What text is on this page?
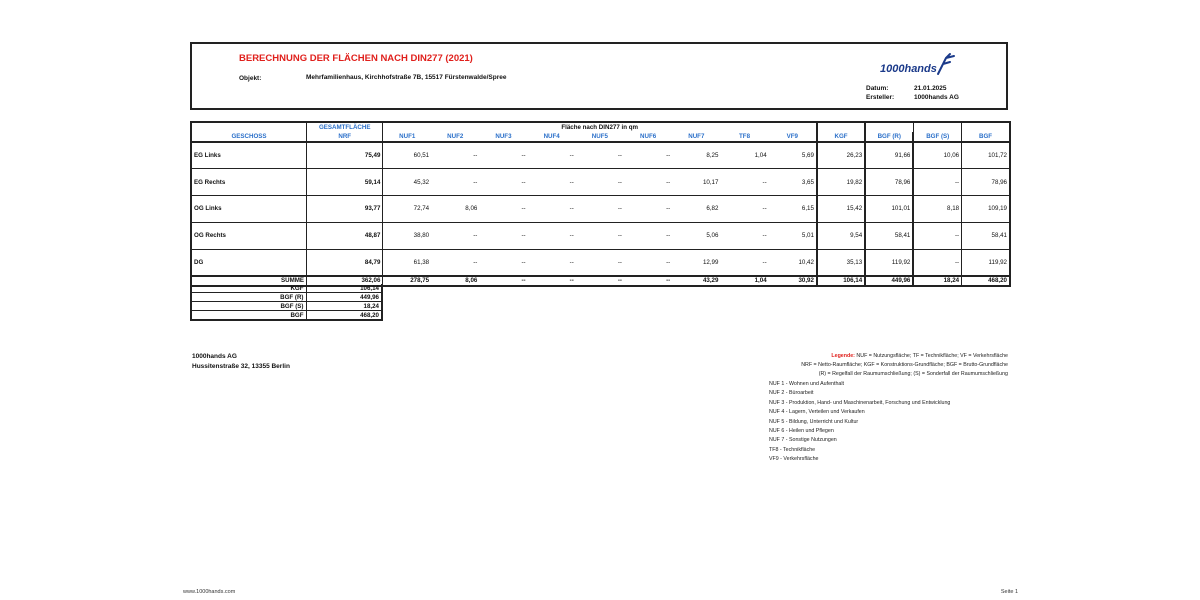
BERECHNUNG DER FLÄCHEN NACH DIN277 (2021)
Objekt:	Mehrfamilienhaus, Kirchhofstraße 7B, 15517 Fürstenwalde/Spree
1000hands
Datum:	21.01.2025
Ersteller:	1000hands AG
	GESAMTFLÄCHE	Fläche nach DIN277 in qm												
GESCHOSS	NRF	NUF1	NUF2	NUF3	NUF4	NUF5	NUF6	NUF7	TF8	VF9	KGF	BGF (R)	BGF (S)	BGF
EG Links	75,49	60,51	--	--	--	--	--	8,25	1,04	5,69	26,23	91,66	10,06	101,72
EG Rechts	59,14	45,32	--	--	--	--	--	10,17	--	3,65	19,82	78,96	--	78,96
OG Links	93,77	72,74	8,06	--	--	--	--	6,82	--	6,15	15,42	101,01	8,18	109,19
OG Rechts	48,87	38,80	--	--	--	--	--	5,06	--	5,01	9,54	58,41	--	58,41
DG	84,79	61,38	--	--	--	--	--	12,99	--	10,42	35,13	119,92	--	119,92
SUMME	362,06	278,75	8,06	--	--	--	--	43,29	1,04	30,92	106,14	449,96	18,24	468,20
KGF	106,14
BGF (R)	449,96
BGF (S)	18,24
BGF	468,20
1000hands AG
Hussitenstraße 32, 13355 Berlin
Legende: NUF = Nutzungsfläche; TF = Technikfläche; VF = Verkehrsfläche
NRF = Netto-Raumfläche; KGF = Konstruktions-Grundfläche; BGF = Brutto-Grundfläche
(R) = Regelfall der Raumumschließung; (S) = Sonderfall der Raumumschließung
NUF 1 - Wohnen und Aufenthalt
NUF 2 - Büroarbeit
NUF 3 - Produktion, Hand- und Maschinenarbeit, Forschung und Entwicklung
NUF 4 - Lagern, Verteilen und Verkaufen
NUF 5 - Bildung, Unterricht und Kultur
NUF 6 - Heilen und Pflegen
NUF 7 - Sonstige Nutzungen
TF8 - Technikfläche
VF9 - Verkehrsfläche
www.1000hands.com	Seite 1
